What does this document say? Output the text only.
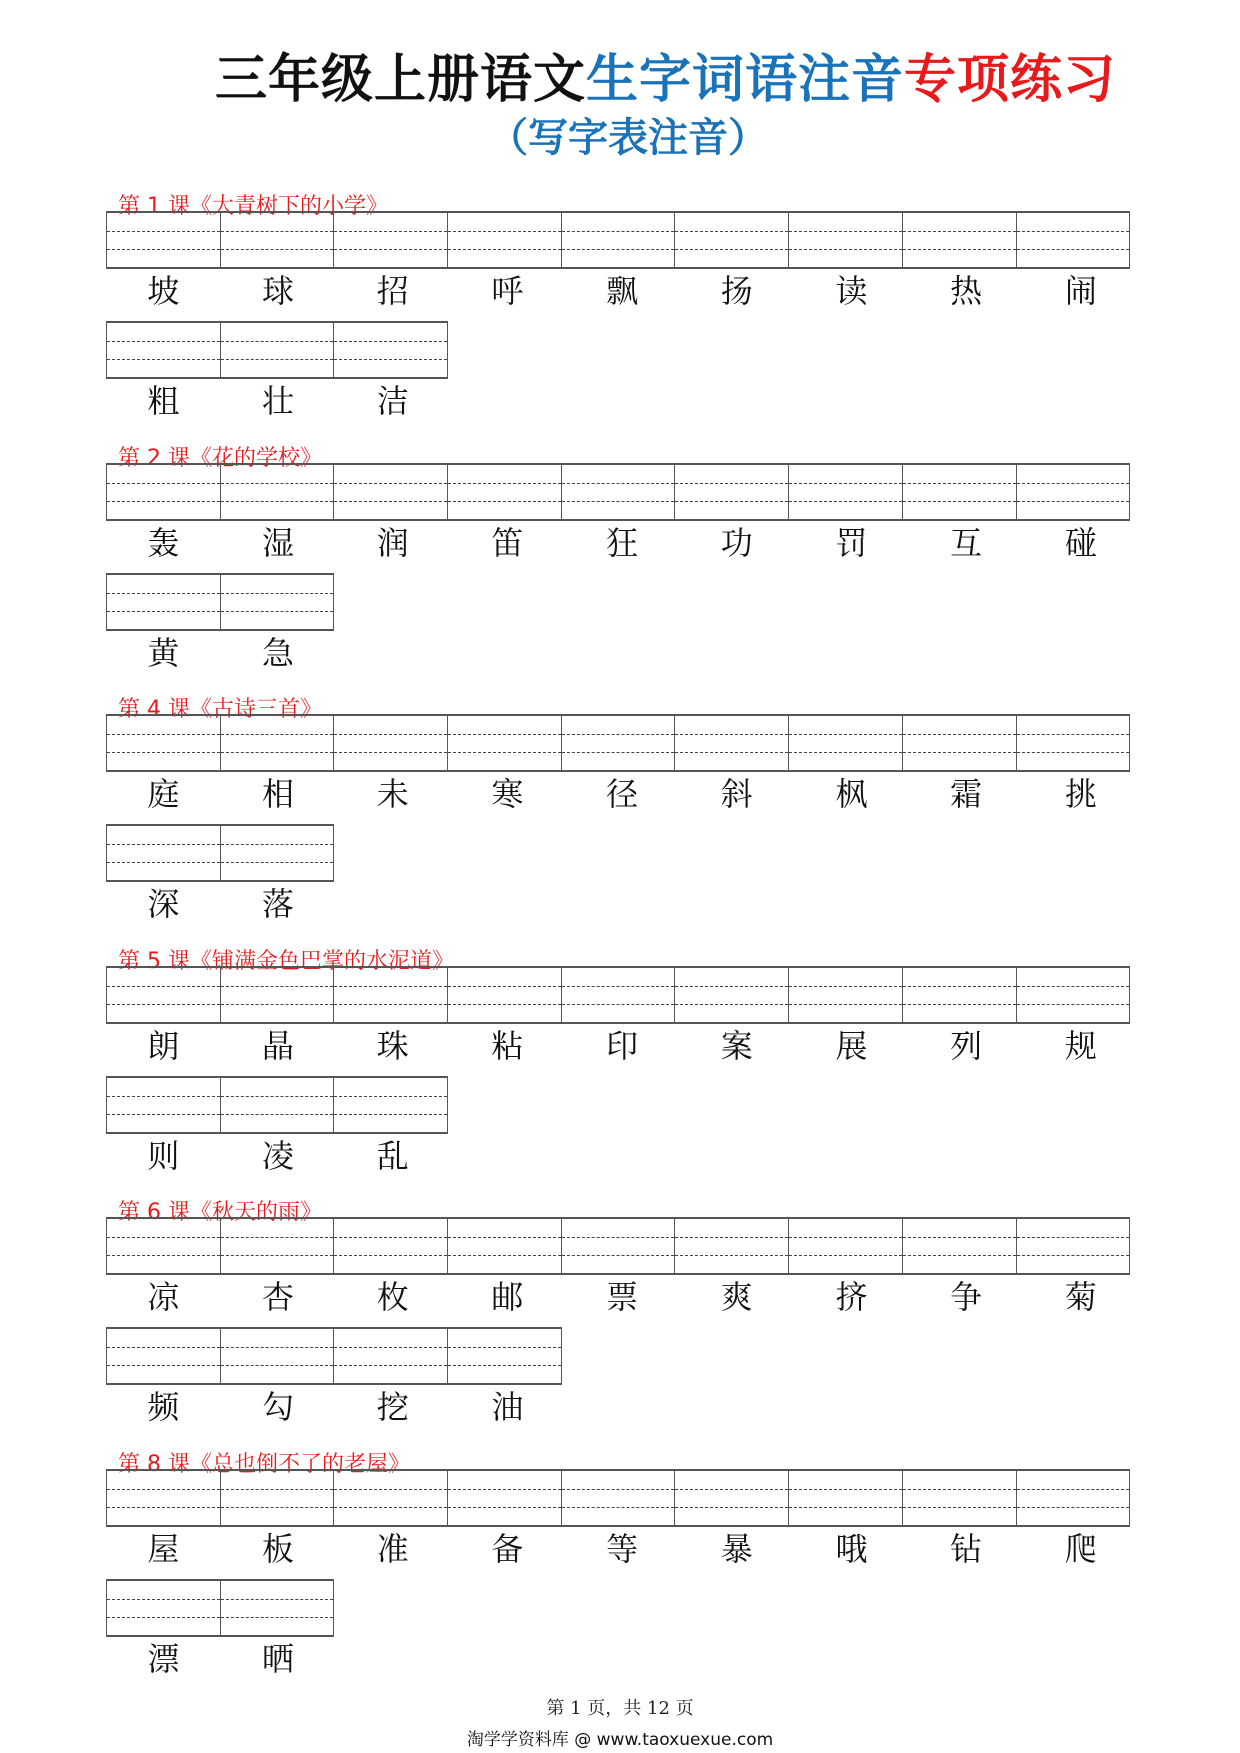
三年级上册语文生字词语注音专项练习
（写字表注音）
第 1 课《大青树下的小学》
坡	球	招	呼	飘	扬	读	热	闹
粗	壮	洁
第 2 课《花的学校》
轰	湿	润	笛	狂	功	罚	互	碰
黄	急
第 4 课《古诗三首》
庭	相	未	寒	径	斜	枫	霜	挑
深	落
第 5 课《铺满金色巴掌的水泥道》
朗	晶	珠	粘	印	案	展	列	规
则	凌	乱
第 6 课《秋天的雨》
凉	杏	枚	邮	票	爽	挤	争	菊
频	勾	挖	油
第 8 课《总也倒不了的老屋》
屋	板	准	备	等	暴	哦	钻	爬
漂	晒
第 1 页，共 12 页
淘学学资料库 @ www.taoxuexue.com
